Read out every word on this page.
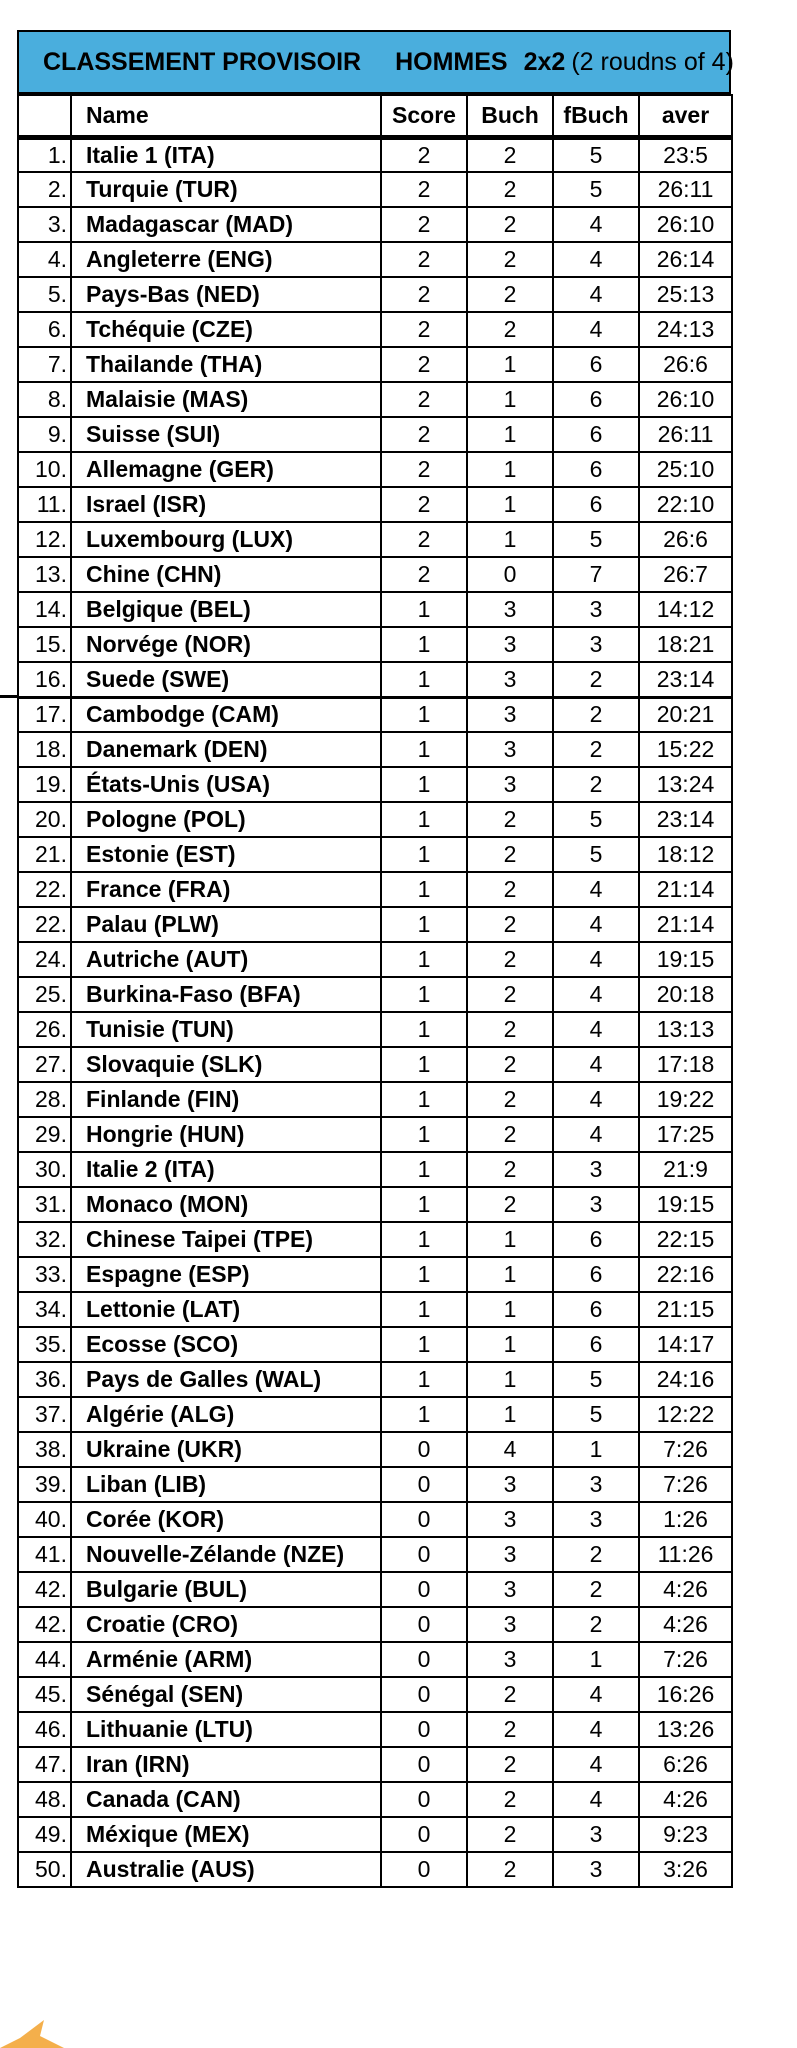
CLASSEMENT PROVISOIR HOMMES 2x2 (2 roudns of 4)
	Name	Score	Buch	fBuch	aver
1.	Italie 1 (ITA)	2	2	5	23:5
2.	Turquie (TUR)	2	2	5	26:11
3.	Madagascar (MAD)	2	2	4	26:10
4.	Angleterre (ENG)	2	2	4	26:14
5.	Pays-Bas (NED)	2	2	4	25:13
6.	Tchéquie (CZE)	2	2	4	24:13
7.	Thailande (THA)	2	1	6	26:6
8.	Malaisie (MAS)	2	1	6	26:10
9.	Suisse (SUI)	2	1	6	26:11
10.	Allemagne (GER)	2	1	6	25:10
11.	Israel (ISR)	2	1	6	22:10
12.	Luxembourg (LUX)	2	1	5	26:6
13.	Chine (CHN)	2	0	7	26:7
14.	Belgique (BEL)	1	3	3	14:12
15.	Norvége (NOR)	1	3	3	18:21
16.	Suede (SWE)	1	3	2	23:14
17.	Cambodge (CAM)	1	3	2	20:21
18.	Danemark (DEN)	1	3	2	15:22
19.	États-Unis (USA)	1	3	2	13:24
20.	Pologne (POL)	1	2	5	23:14
21.	Estonie (EST)	1	2	5	18:12
22.	France (FRA)	1	2	4	21:14
22.	Palau (PLW)	1	2	4	21:14
24.	Autriche (AUT)	1	2	4	19:15
25.	Burkina-Faso (BFA)	1	2	4	20:18
26.	Tunisie (TUN)	1	2	4	13:13
27.	Slovaquie (SLK)	1	2	4	17:18
28.	Finlande (FIN)	1	2	4	19:22
29.	Hongrie (HUN)	1	2	4	17:25
30.	Italie 2 (ITA)	1	2	3	21:9
31.	Monaco (MON)	1	2	3	19:15
32.	Chinese Taipei (TPE)	1	1	6	22:15
33.	Espagne (ESP)	1	1	6	22:16
34.	Lettonie (LAT)	1	1	6	21:15
35.	Ecosse (SCO)	1	1	6	14:17
36.	Pays de Galles (WAL)	1	1	5	24:16
37.	Algérie (ALG)	1	1	5	12:22
38.	Ukraine (UKR)	0	4	1	7:26
39.	Liban (LIB)	0	3	3	7:26
40.	Corée (KOR)	0	3	3	1:26
41.	Nouvelle-Zélande (NZE)	0	3	2	11:26
42.	Bulgarie (BUL)	0	3	2	4:26
42.	Croatie (CRO)	0	3	2	4:26
44.	Arménie (ARM)	0	3	1	7:26
45.	Sénégal (SEN)	0	2	4	16:26
46.	Lithuanie (LTU)	0	2	4	13:26
47.	Iran (IRN)	0	2	4	6:26
48.	Canada (CAN)	0	2	4	4:26
49.	Méxique (MEX)	0	2	3	9:23
50.	Australie (AUS)	0	2	3	3:26
